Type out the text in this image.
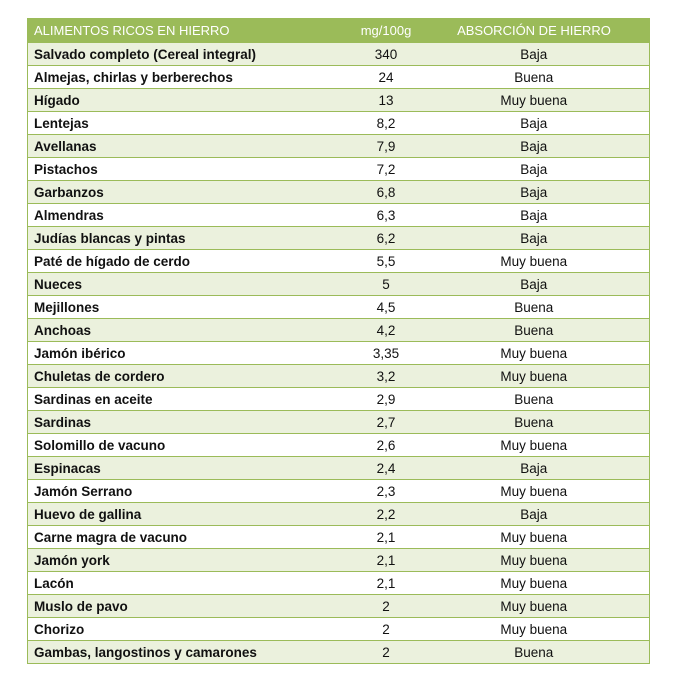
ALIMENTOS RICOS EN HIERRO	mg/100g	ABSORCIÓN DE HIERRO
Salvado completo (Cereal integral)	340	Baja
Almejas, chirlas y berberechos	24	Buena
Hígado	13	Muy buena
Lentejas	8,2	Baja
Avellanas	7,9	Baja
Pistachos	7,2	Baja
Garbanzos	6,8	Baja
Almendras	6,3	Baja
Judías blancas y pintas	6,2	Baja
Paté de hígado de cerdo	5,5	Muy buena
Nueces	5	Baja
Mejillones	4,5	Buena
Anchoas	4,2	Buena
Jamón ibérico	3,35	Muy buena
Chuletas de cordero	3,2	Muy buena
Sardinas en aceite	2,9	Buena
Sardinas	2,7	Buena
Solomillo de vacuno	2,6	Muy buena
Espinacas	2,4	Baja
Jamón Serrano	2,3	Muy buena
Huevo de gallina	2,2	Baja
Carne magra de vacuno	2,1	Muy buena
Jamón york	2,1	Muy buena
Lacón	2,1	Muy buena
Muslo de pavo	2	Muy buena
Chorizo	2	Muy buena
Gambas, langostinos y camarones	2	Buena
